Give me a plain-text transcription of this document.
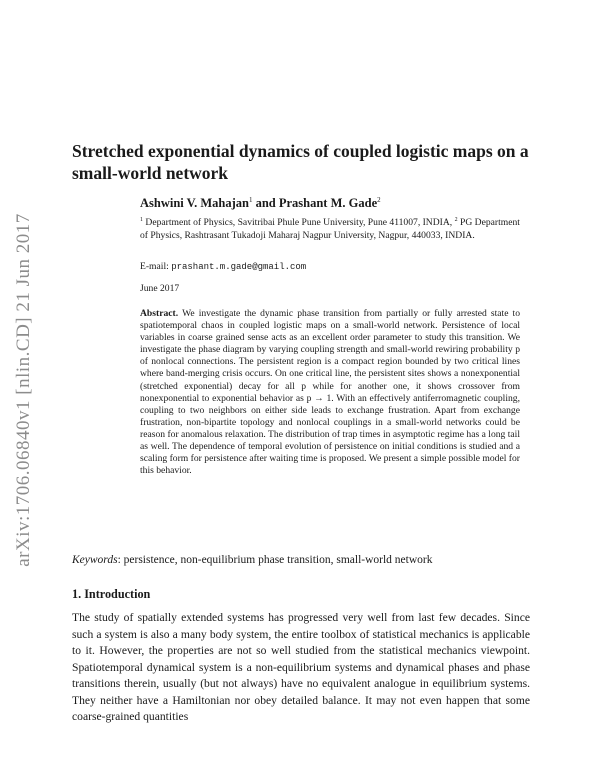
arXiv:1706.06840v1 [nlin.CD] 21 Jun 2017
Stretched exponential dynamics of coupled logistic maps on a small-world network
Ashwini V. Mahajan$^1$ and Prashant M. Gade$^2$
$^1$ Department of Physics, Savitribai Phule Pune University, Pune 411007, INDIA, $^2$ PG Department of Physics, Rashtrasant Tukadoji Maharaj Nagpur University, Nagpur, 440033, INDIA.
E-mail: prashant.m.gade@gmail.com
June 2017

Abstract. We investigate the dynamic phase transition from partially or fully arrested state to spatiotemporal chaos in coupled logistic maps on a small-world network. Persistence of local variables in coarse grained sense acts as an excellent order parameter to study this transition. We investigate the phase diagram by varying coupling strength and small-world rewiring probability p of nonlocal connections. The persistent region is a compact region bounded by two critical lines where band-merging crisis occurs. On one critical line, the persistent sites shows a nonexponential (stretched exponential) decay for all p while for another one, it shows crossover from nonexponential to exponential behavior as p → 1. With an effectively antiferromagnetic coupling, coupling to two neighbors on either side leads to exchange frustration. Apart from exchange frustration, non-bipartite topology and nonlocal couplings in a small-world networks could be reason for anomalous relaxation. The distribution of trap times in asymptotic regime has a long tail as well. The dependence of temporal evolution of persistence on initial conditions is studied and a scaling form for persistence after waiting time is proposed. We present a simple possible model for this behavior.

Keywords: persistence, non-equilibrium phase transition, small-world network
1. Introduction

The study of spatially extended systems has progressed very well from last few decades. Since such a system is also a many body system, the entire toolbox of statistical mechanics is applicable to it. However, the properties are not so well studied from the statistical mechanics viewpoint. Spatiotemporal dynamical system is a non-equilibrium systems and dynamical phases and phase transitions therein, usually (but not always) have no equivalent analogue in equilibrium systems. They neither have a Hamiltonian nor obey detailed balance. It may not even happen that some coarse-grained quantities
